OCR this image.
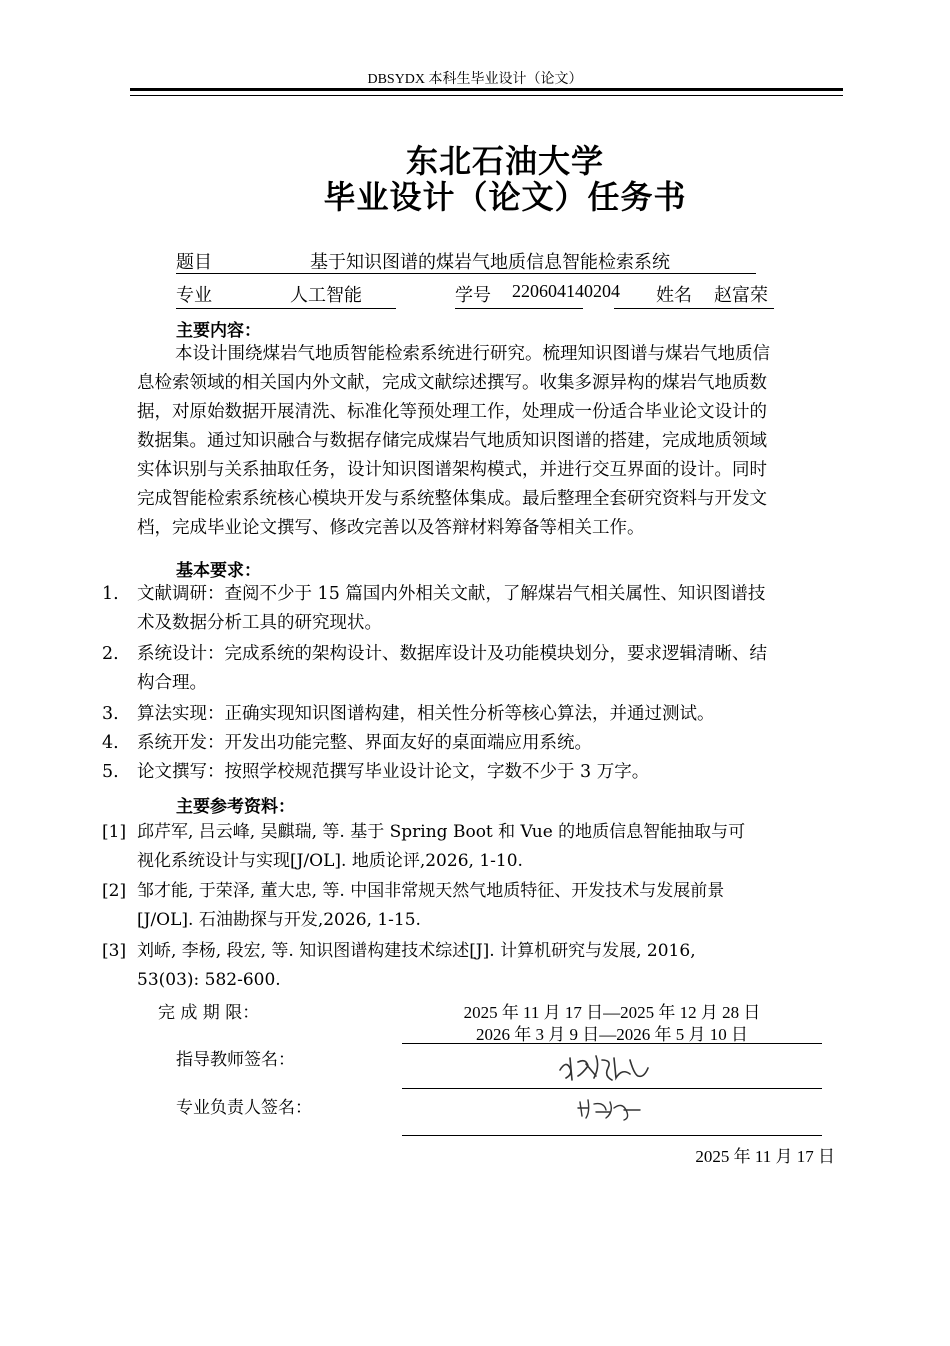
DBSYDX 本科生毕业设计（论文）
东北石油大学
毕业设计（论文）任务书
题目	基于知识图谱的煤岩气地质信息智能检索系统
专业	人工智能	学号 220604140204 姓名 赵富荣
主要内容：
本设计围绕煤岩气地质智能检索系统进行研究。梳理知识图谱与煤岩气地质信
息检索领域的相关国内外文献，完成文献综述撰写。收集多源异构的煤岩气地质数
据，对原始数据开展清洗、标准化等预处理工作，处理成一份适合毕业论文设计的
数据集。通过知识融合与数据存储完成煤岩气地质知识图谱的搭建，完成地质领域
实体识别与关系抽取任务，设计知识图谱架构模式，并进行交互界面的设计。同时
完成智能检索系统核心模块开发与系统整体集成。最后整理全套研究资料与开发文
档，完成毕业论文撰写、修改完善以及答辩材料筹备等相关工作。
基本要求：
1.	文献调研：查阅不少于 15 篇国内外相关文献，了解煤岩气相关属性、知识图谱技
术及数据分析工具的研究现状。
2.	系统设计：完成系统的架构设计、数据库设计及功能模块划分，要求逻辑清晰、结
构合理。
3.	算法实现：正确实现知识图谱构建，相关性分析等核心算法，并通过测试。
4.	系统开发：开发出功能完整、界面友好的桌面端应用系统。
5.	论文撰写：按照学校规范撰写毕业设计论文，字数不少于 3 万字。
主要参考资料：
[1] 邱芹军, 吕云峰, 吴麒瑞, 等. 基于 Spring Boot 和 Vue 的地质信息智能抽取与可
视化系统设计与实现[J/OL]. 地质论评,2026, 1-10.
[2] 邹才能, 于荣泽, 董大忠, 等. 中国非常规天然气地质特征、开发技术与发展前景
[J/OL]. 石油勘探与开发,2026, 1-15.
[3] 刘峤, 李杨, 段宏, 等. 知识图谱构建技术综述[J]. 计算机研究与发展, 2016,
53(03): 582-600.
完 成 期 限：	2025 年 11 月 17 日—2025 年 12 月 28 日
2026 年 3 月 9 日—2026 年 5 月 10 日
指导教师签名：
专业负责人签名：
2025 年 11 月 17 日
